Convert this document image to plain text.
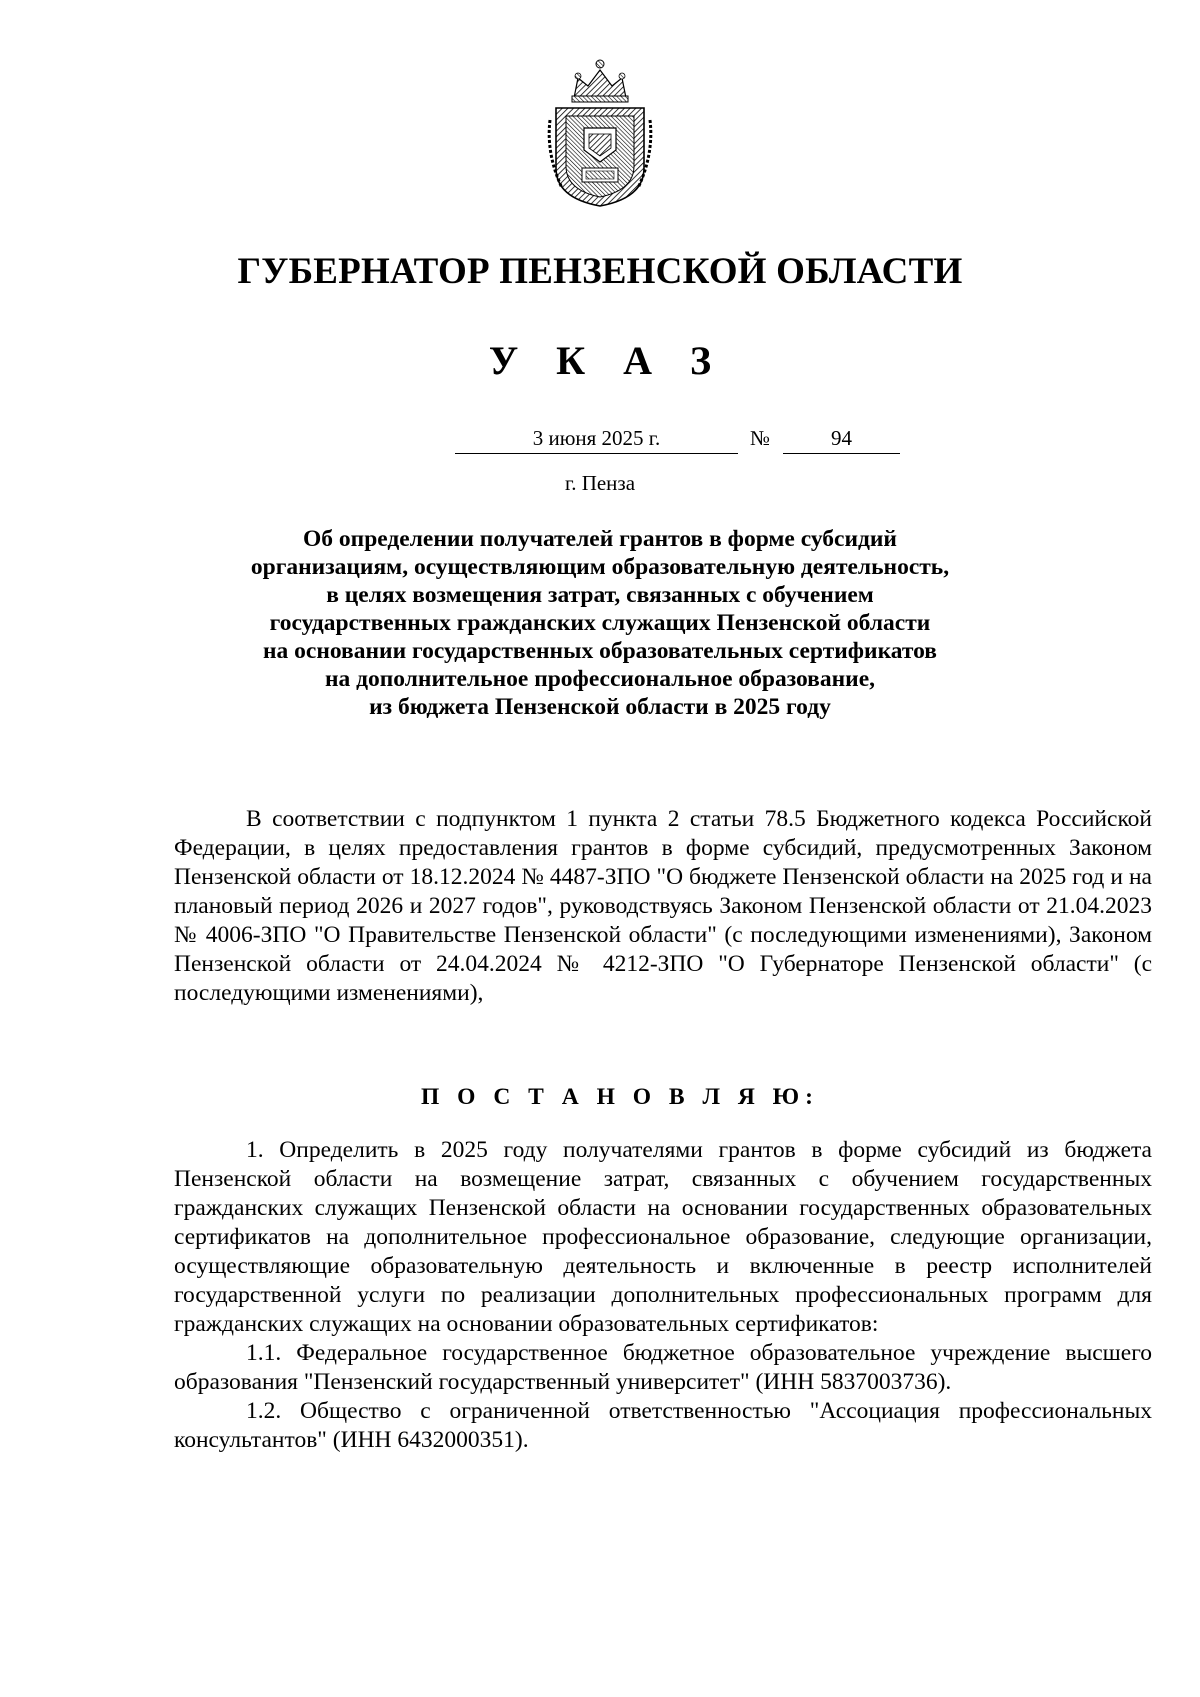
ГУБЕРНАТОР ПЕНЗЕНСКОЙ ОБЛАСТИ
У К А З
3 июня 2025 г.	№	94
г. Пенза
Об определении получателей грантов в форме субсидий
организациям, осуществляющим образовательную деятельность,
в целях возмещения затрат, связанных с обучением
государственных гражданских служащих Пензенской области
на основании государственных образовательных сертификатов
на дополнительное профессиональное образование,
из бюджета Пензенской области в 2025 году
В соответствии с подпунктом 1 пункта 2 статьи 78.5 Бюджетного кодекса Российской Федерации, в целях предоставления грантов в форме субсидий, предусмотренных Законом Пензенской области от 18.12.2024 № 4487-ЗПО "О бюджете Пензенской области на 2025 год и на плановый период 2026 и 2027 годов", руководствуясь Законом Пензенской области от 21.04.2023 № 4006-ЗПО "О Правительстве Пензенской области" (с последующими изменениями), Законом Пензенской области от 24.04.2024 № 4212-ЗПО "О Губернаторе Пензенской области" (с последующими изменениями),
П О С Т А Н О В Л Я Ю:

1. Определить в 2025 году получателями грантов в форме субсидий из бюджета Пензенской области на возмещение затрат, связанных с обучением государственных гражданских служащих Пензенской области на основании государственных образовательных сертификатов на дополнительное профессиональное образование, следующие организации, осуществляющие образовательную деятельность и включенные в реестр исполнителей государственной услуги по реализации дополнительных профессиональных программ для гражданских служащих на основании образовательных сертификатов:

1.1. Федеральное государственное бюджетное образовательное учреждение высшего образования "Пензенский государственный университет" (ИНН 5837003736).

1.2. Общество с ограниченной ответственностью "Ассоциация профессиональных консультантов" (ИНН 6432000351).
